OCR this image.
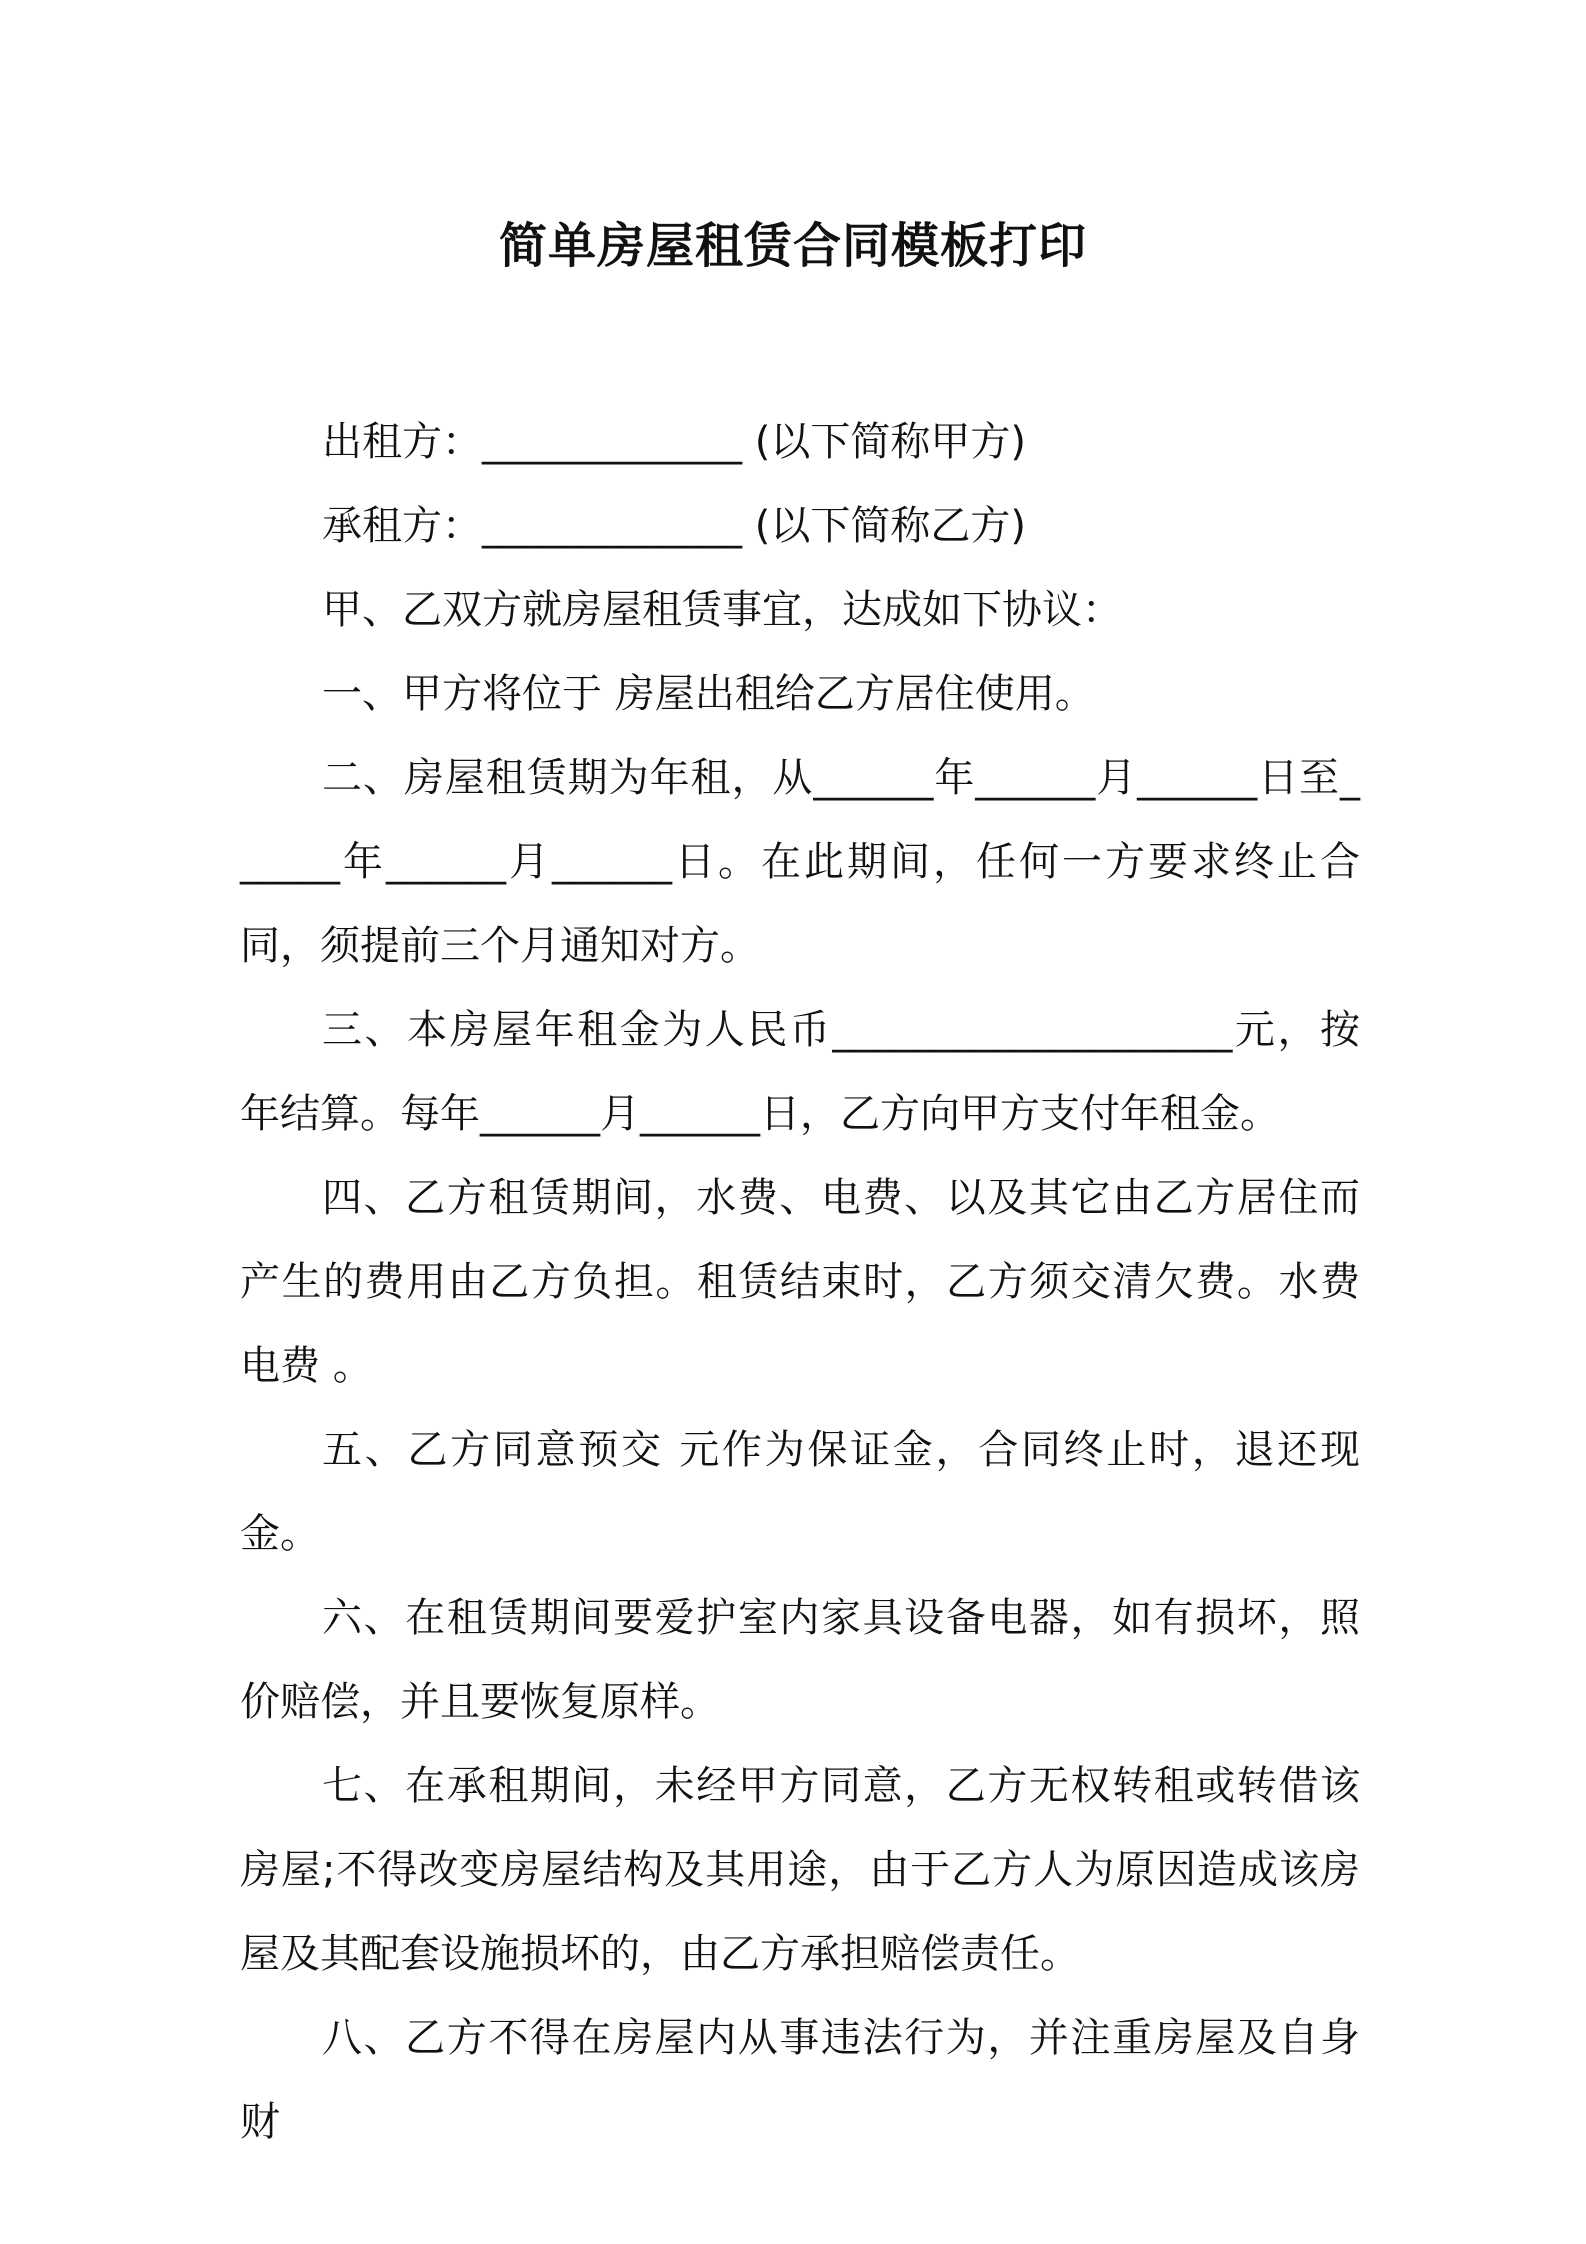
简单房屋租赁合同模板打印

出租方：_____________ (以下简称甲方)

承租方：_____________ (以下简称乙方)

甲、乙双方就房屋租赁事宜，达成如下协议：

一、甲方将位于 房屋出租给乙方居住使用。

二、房屋租赁期为年租，从______年______月______日至______年______月______日。在此期间，任何一方要求终止合同，须提前三个月通知对方。

三、本房屋年租金为人民币____________________元，按年结算。每年______月______日，乙方向甲方支付年租金。

四、乙方租赁期间，水费、电费、以及其它由乙方居住而产生的费用由乙方负担。租赁结束时，乙方须交清欠费。水费 电费 。

五、乙方同意预交 元作为保证金，合同终止时，退还现金。

六、在租赁期间要爱护室内家具设备电器，如有损坏，照价赔偿，并且要恢复原样。

七、在承租期间，未经甲方同意，乙方无权转租或转借该房屋;不得改变房屋结构及其用途，由于乙方人为原因造成该房屋及其配套设施损坏的，由乙方承担赔偿责任。

八、乙方不得在房屋内从事违法行为，并注重房屋及自身财
